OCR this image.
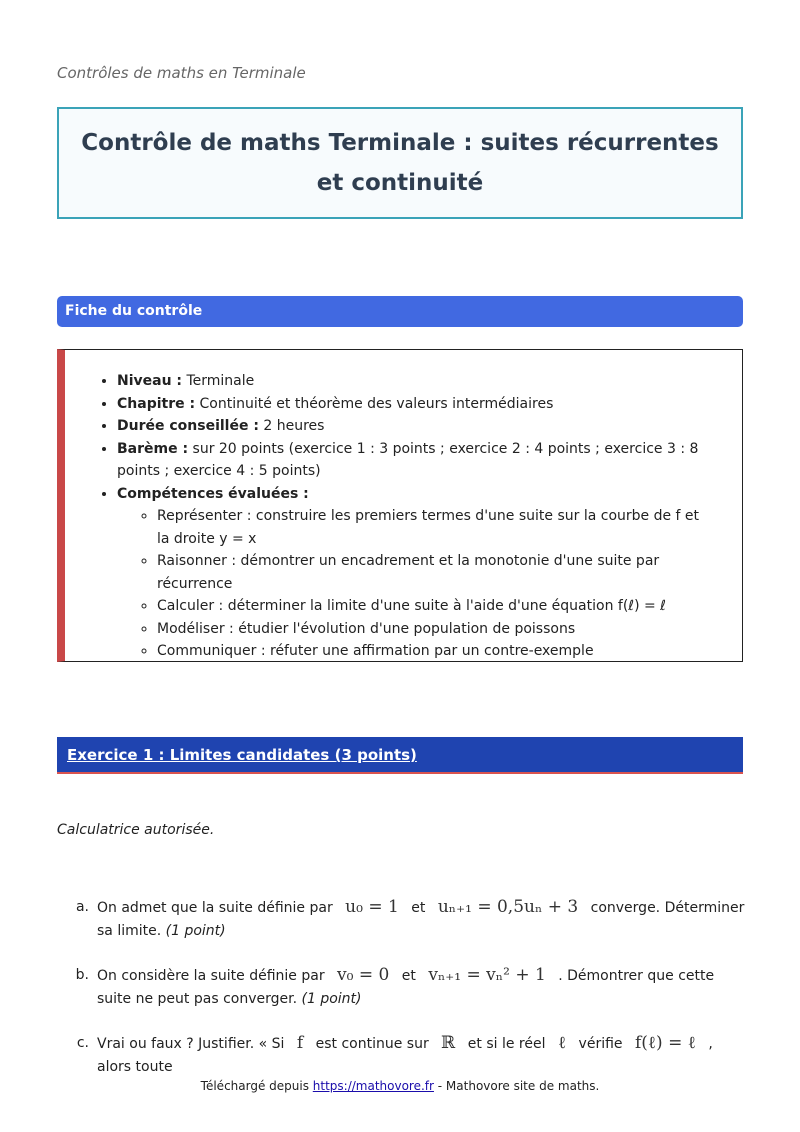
Contrôles de maths en Terminale
Contrôle de maths Terminale : suites récurrentes et continuité
Fiche du contrôle
• Niveau : Terminale
• Chapitre : Continuité et théorème des valeurs intermédiaires
• Durée conseillée : 2 heures
• Barème : sur 20 points (exercice 1 : 3 points ; exercice 2 : 4 points ; exercice 3 : 8 points ; exercice 4 : 5 points)
• Compétences évaluées :
◦ Représenter : construire les premiers termes d'une suite sur la courbe de f et la droite y = x
◦ Raisonner : démontrer un encadrement et la monotonie d'une suite par récurrence
◦ Calculer : déterminer la limite d'une suite à l'aide d'une équation f(ℓ) = ℓ
◦ Modéliser : étudier l'évolution d'une population de poissons
◦ Communiquer : réfuter une affirmation par un contre-exemple
Exercice 1 : Limites candidates (3 points)
Calculatrice autorisée.
a. On admet que la suite définie par u₀ = 1 et uₙ₊₁ = 0,5uₙ + 3 converge. Déterminer sa limite. (1 point)
b. On considère la suite définie par v₀ = 0 et vₙ₊₁ = vₙ² + 1 . Démontrer que cette suite ne peut pas converger. (1 point)
c. Vrai ou faux ? Justifier. « Si f est continue sur ℝ et si le réel ℓ vérifie f(ℓ) = ℓ , alors toute
Téléchargé depuis https://mathovore.fr - Mathovore site de maths.
